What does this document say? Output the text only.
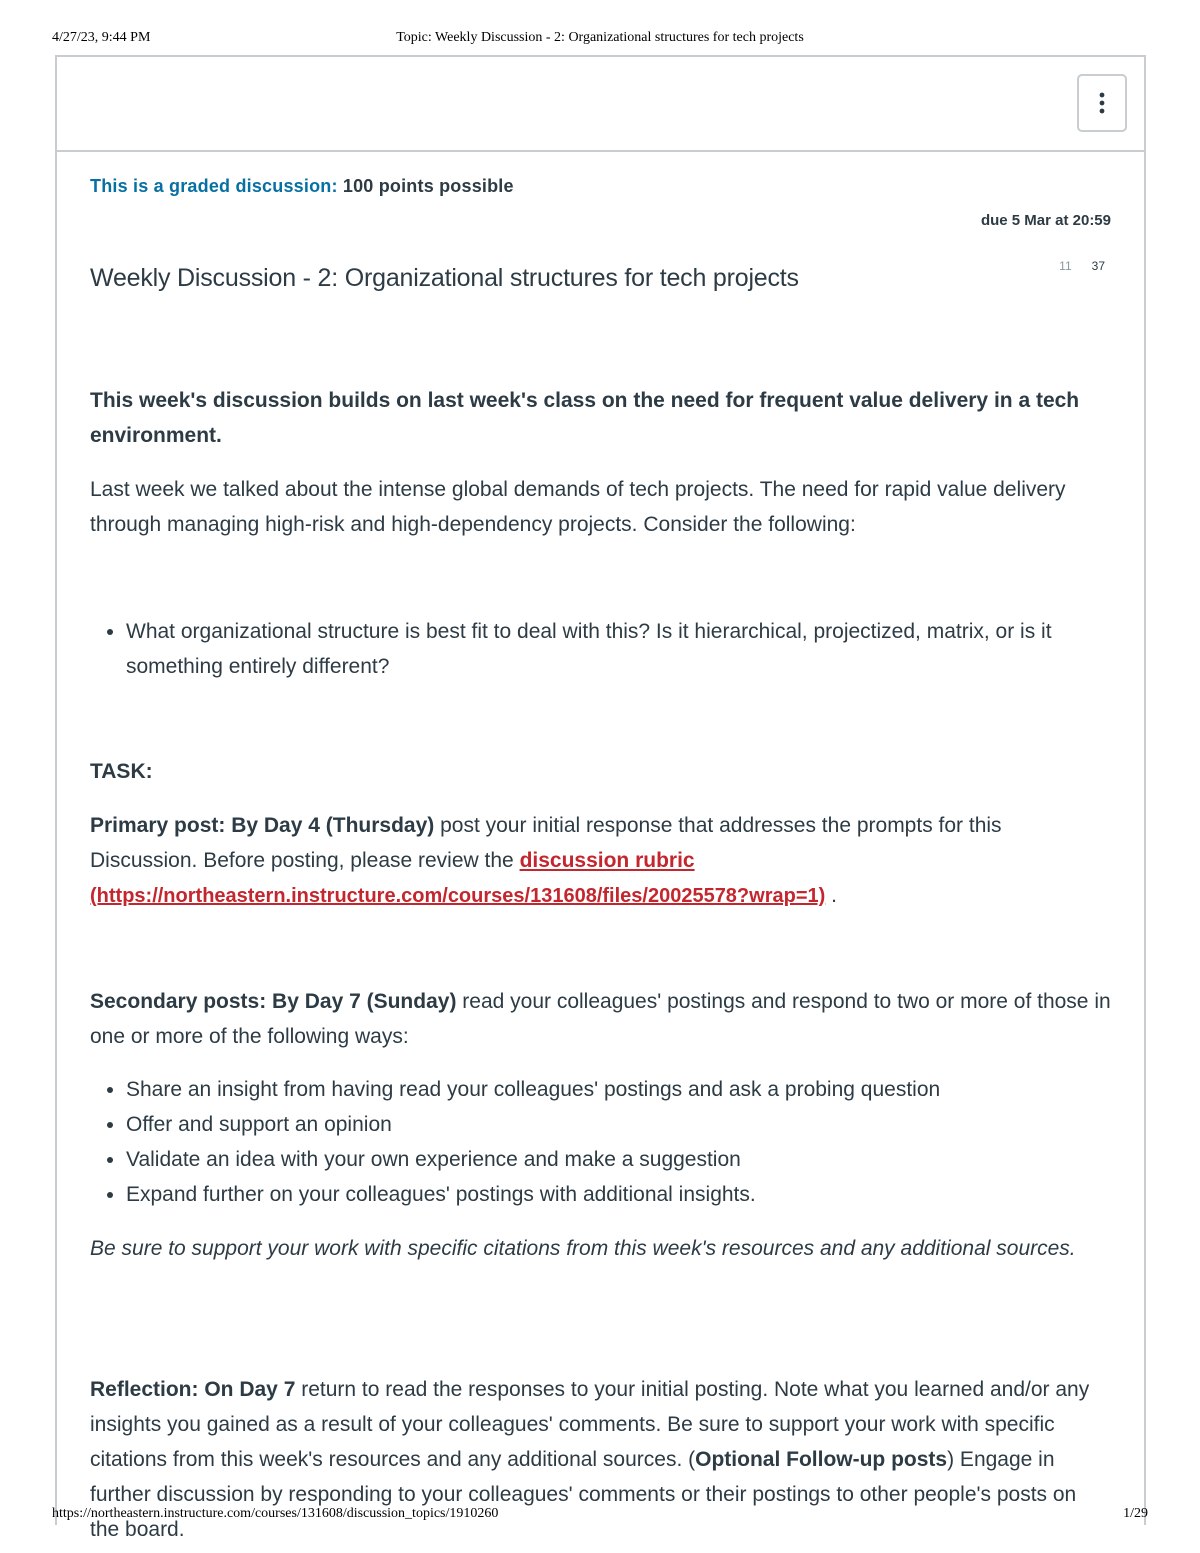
4/27/23, 9:44 PM	Topic: Weekly Discussion - 2: Organizational structures for tech projects
This is a graded discussion: 100 points possible
due 5 Mar at 20:59
11 37
Weekly Discussion - 2: Organizational structures for tech projects

This week's discussion builds on last week's class on the need for frequent value delivery in a tech environment.

Last week we talked about the intense global demands of tech projects. The need for rapid value delivery through managing high-risk and high-dependency projects. Consider the following:

• What organizational structure is best fit to deal with this? Is it hierarchical, projectized, matrix, or is it something entirely different?

TASK:

Primary post: By Day 4 (Thursday) post your initial response that addresses the prompts for this Discussion. Before posting, please review the discussion rubric
(https://northeastern.instructure.com/courses/131608/files/20025578?wrap=1) .

Secondary posts: By Day 7 (Sunday) read your colleagues' postings and respond to two or more of those in one or more of the following ways:

• Share an insight from having read your colleagues' postings and ask a probing question
• Offer and support an opinion
• Validate an idea with your own experience and make a suggestion
• Expand further on your colleagues' postings with additional insights.

Be sure to support your work with specific citations from this week's resources and any additional sources.

Reflection: On Day 7 return to read the responses to your initial posting. Note what you learned and/or any insights you gained as a result of your colleagues' comments. Be sure to support your work with specific citations from this week's resources and any additional sources. (Optional Follow-up posts) Engage in further discussion by responding to your colleagues' comments or their postings to other people's posts on the board.

https://northeastern.instructure.com/courses/131608/discussion_topics/1910260	1/29
